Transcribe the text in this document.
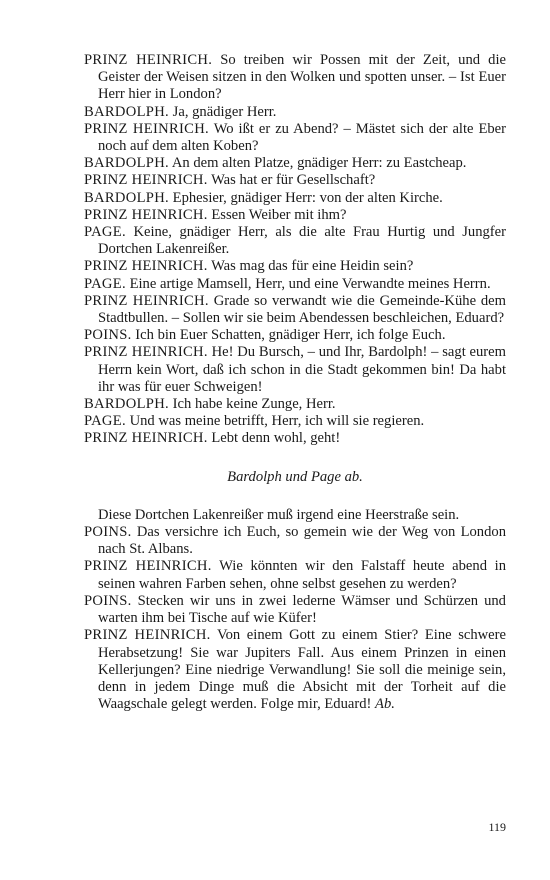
PRINZ HEINRICH. So treiben wir Possen mit der Zeit, und die Geister der Weisen sitzen in den Wolken und spotten unser. – Ist Euer Herr hier in London?

BARDOLPH. Ja, gnädiger Herr.

PRINZ HEINRICH. Wo ißt er zu Abend? – Mästet sich der alte Eber noch auf dem alten Koben?

BARDOLPH. An dem alten Platze, gnädiger Herr: zu Eastcheap.

PRINZ HEINRICH. Was hat er für Gesellschaft?

BARDOLPH. Ephesier, gnädiger Herr: von der alten Kirche.

PRINZ HEINRICH. Essen Weiber mit ihm?

PAGE. Keine, gnädiger Herr, als die alte Frau Hurtig und Jungfer Dortchen Lakenreißer.

PRINZ HEINRICH. Was mag das für eine Heidin sein?

PAGE. Eine artige Mamsell, Herr, und eine Verwandte meines Herrn.

PRINZ HEINRICH. Grade so verwandt wie die Gemeinde-Kühe dem Stadtbullen. – Sollen wir sie beim Abendessen beschleichen, Eduard?

POINS. Ich bin Euer Schatten, gnädiger Herr, ich folge Euch.

PRINZ HEINRICH. He! Du Bursch, – und Ihr, Bardolph! – sagt eurem Herrn kein Wort, daß ich schon in die Stadt gekommen bin! Da habt ihr was für euer Schweigen!

BARDOLPH. Ich habe keine Zunge, Herr.

PAGE. Und was meine betrifft, Herr, ich will sie regieren.

PRINZ HEINRICH. Lebt denn wohl, geht!

Bardolph und Page ab.

Diese Dortchen Lakenreißer muß irgend eine Heerstraße sein.

POINS. Das versichre ich Euch, so gemein wie der Weg von London nach St. Albans.

PRINZ HEINRICH. Wie könnten wir den Falstaff heute abend in seinen wahren Farben sehen, ohne selbst gesehen zu werden?

POINS. Stecken wir uns in zwei lederne Wämser und Schürzen und warten ihm bei Tische auf wie Küfer!

PRINZ HEINRICH. Von einem Gott zu einem Stier? Eine schwere Herabsetzung! Sie war Jupiters Fall. Aus einem Prinzen in einen Kellerjungen? Eine niedrige Verwandlung! Sie soll die meinige sein, denn in jedem Dinge muß die Absicht mit der Torheit auf die Waagschale gelegt werden. Folge mir, Eduard! Ab.

119
